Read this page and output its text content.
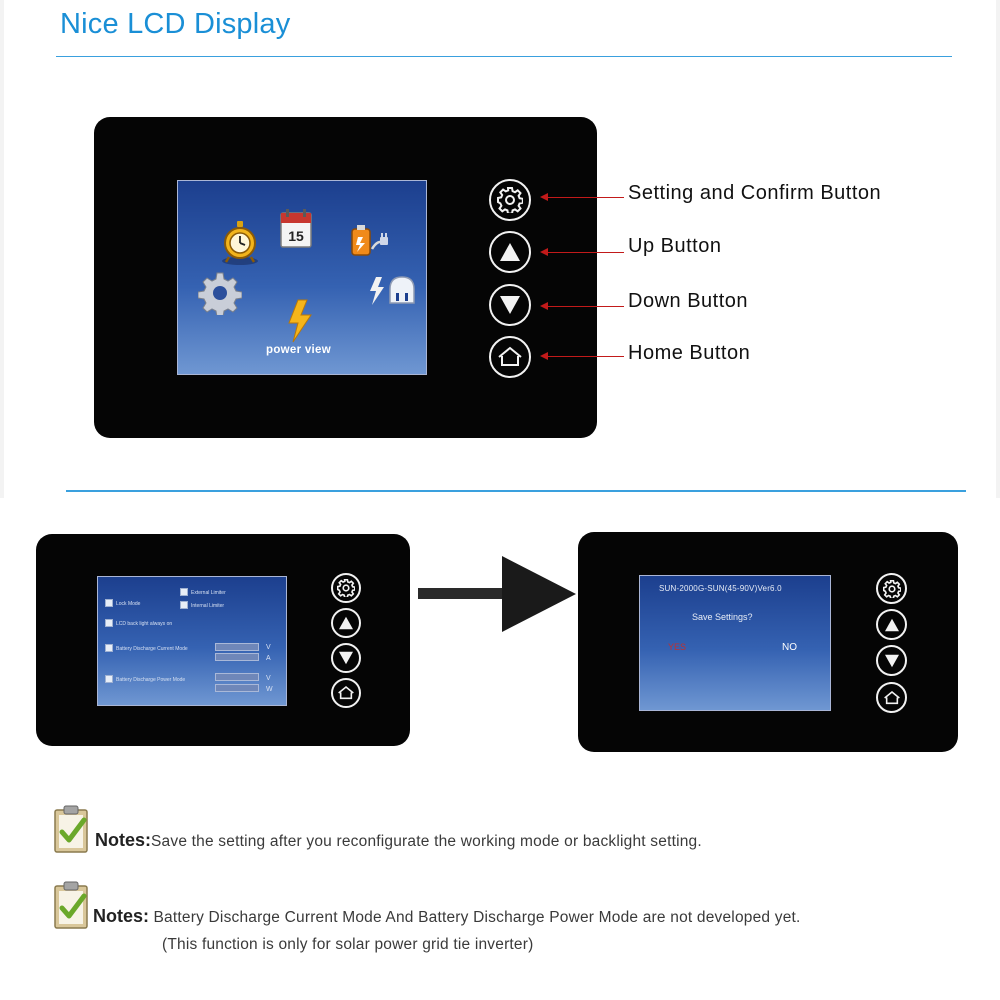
Nice LCD Display
15
power view
Setting and Confirm Button
Up Button
Down Button
Home Button
External Limiter
Lock Mode	Internal Limiter
LCD back light always on
Battery Discharge Current Mode	V
A
Battery Discharge Power Mode	V
W
SUN-2000G-SUN(45-90V)Ver6.0
Save Settings?
YES	NO
Notes:Save the setting after you reconfigurate the working mode or backlight setting.
Notes: Battery Discharge Current Mode And Battery Discharge Power Mode are not developed yet.
(This function is only for solar power grid tie inverter)
